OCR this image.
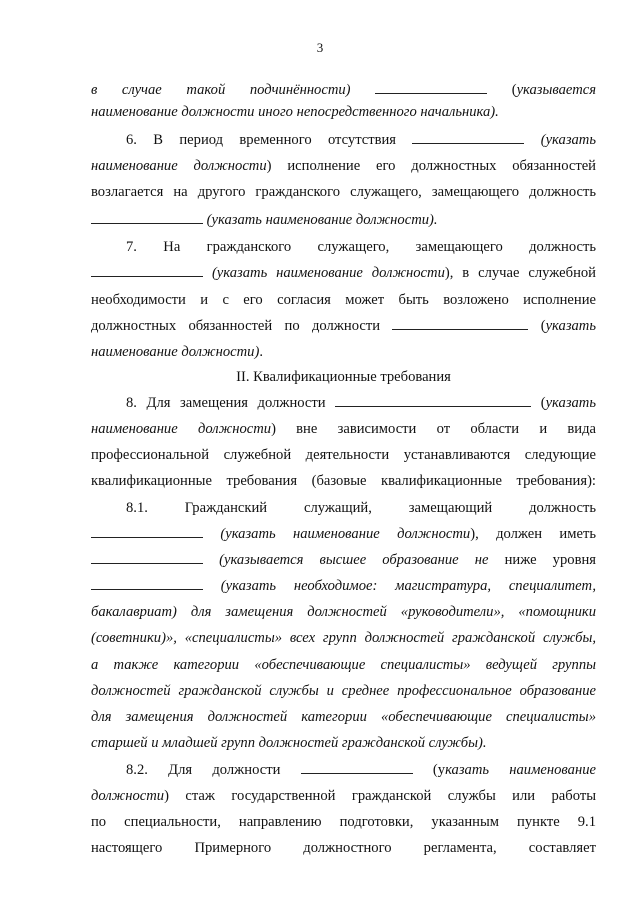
3
в случае такой подчинённости)	(указывается
наименование должности иного непосредственного начальника).
6. В период временного отсутствия	(указать
наименование должности) исполнение его должностных обязанностей
возлагается на другого гражданского служащего, замещающего должность
(указать наименование должности).
7. На гражданского служащего, замещающего должность
(указать наименование должности), в случае служебной
необходимости и с его согласия может быть возложено исполнение
должностных обязанностей по должности	(указать
наименование должности).
II. Квалификационные требования
8. Для замещения должности	(указать
наименование должности) вне зависимости от области и вида
профессиональной служебной деятельности устанавливаются следующие
квалификационные требования (базовые квалификационные требования):
8.1. Гражданский служащий, замещающий должность
(указать наименование должности), должен иметь
(указывается высшее образование не ниже уровня
(указать необходимое: магистратура, специалитет,
бакалавриат) для замещения должностей «руководители», «помощники
(советники)», «специалисты» всех групп должностей гражданской службы,
а также категории «обеспечивающие специалисты» ведущей группы
должностей гражданской службы и среднее профессиональное образование
для замещения должностей категории «обеспечивающие специалисты»
старшей и младшей групп должностей гражданской службы).
8.2. Для должности	(указать наименование
должности) стаж государственной гражданской службы или работы
по специальности, направлению подготовки, указанным пункте 9.1
настоящего Примерного должностного регламента, составляет
